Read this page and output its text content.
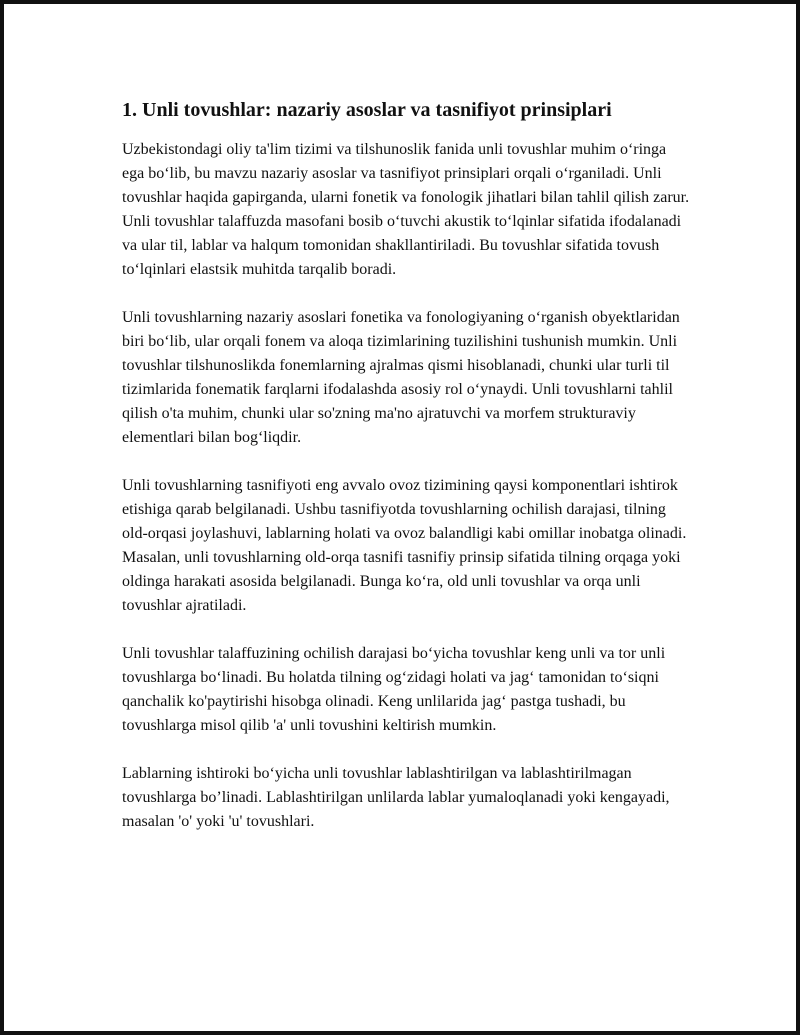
1. Unli tovushlar: nazariy asoslar va tasnifiyot prinsiplari

Uzbekistondagi oliy ta'lim tizimi va tilshunoslik fanida unli tovushlar muhim o‘ringa ega bo‘lib, bu mavzu nazariy asoslar va tasnifiyot prinsiplari orqali o‘rganiladi. Unli tovushlar haqida gapirganda, ularni fonetik va fonologik jihatlari bilan tahlil qilish zarur. Unli tovushlar talaffuzda masofani bosib o‘tuvchi akustik to‘lqinlar sifatida ifodalanadi va ular til, lablar va halqum tomonidan shakllantiriladi. Bu tovushlar sifatida tovush to‘lqinlari elastsik muhitda tarqalib boradi.

Unli tovushlarning nazariy asoslari fonetika va fonologiyaning o‘rganish obyektlaridan biri bo‘lib, ular orqali fonem va aloqa tizimlarining tuzilishini tushunish mumkin. Unli tovushlar tilshunoslikda fonemlarning ajralmas qismi hisoblanadi, chunki ular turli til tizimlarida fonematik farqlarni ifodalashda asosiy rol o‘ynaydi. Unli tovushlarni tahlil qilish o'ta muhim, chunki ular so'zning ma'no ajratuvchi va morfem strukturaviy elementlari bilan bog‘liqdir.

Unli tovushlarning tasnifiyoti eng avvalo ovoz tizimining qaysi komponentlari ishtirok etishiga qarab belgilanadi. Ushbu tasnifiyotda tovushlarning ochilish darajasi, tilning old-orqasi joylashuvi, lablarning holati va ovoz balandligi kabi omillar inobatga olinadi. Masalan, unli tovushlarning old-orqa tasnifi tasnifiy prinsip sifatida tilning orqaga yoki oldinga harakati asosida belgilanadi. Bunga ko‘ra, old unli tovushlar va orqa unli tovushlar ajratiladi.

Unli tovushlar talaffuzining ochilish darajasi bo‘yicha tovushlar keng unli va tor unli tovushlarga bo‘linadi. Bu holatda tilning og‘zidagi holati va jag‘ tamonidan to‘siqni qanchalik ko'paytirishi hisobga olinadi. Keng unlilarida jag‘ pastga tushadi, bu tovushlarga misol qilib 'a' unli tovushini keltirish mumkin.

Lablarning ishtiroki bo‘yicha unli tovushlar lablashtirilgan va lablashtirilmagan tovushlarga bo’linadi. Lablashtirilgan unlilarda lablar yumaloqlanadi yoki kengayadi, masalan 'o' yoki 'u' tovushlari.
